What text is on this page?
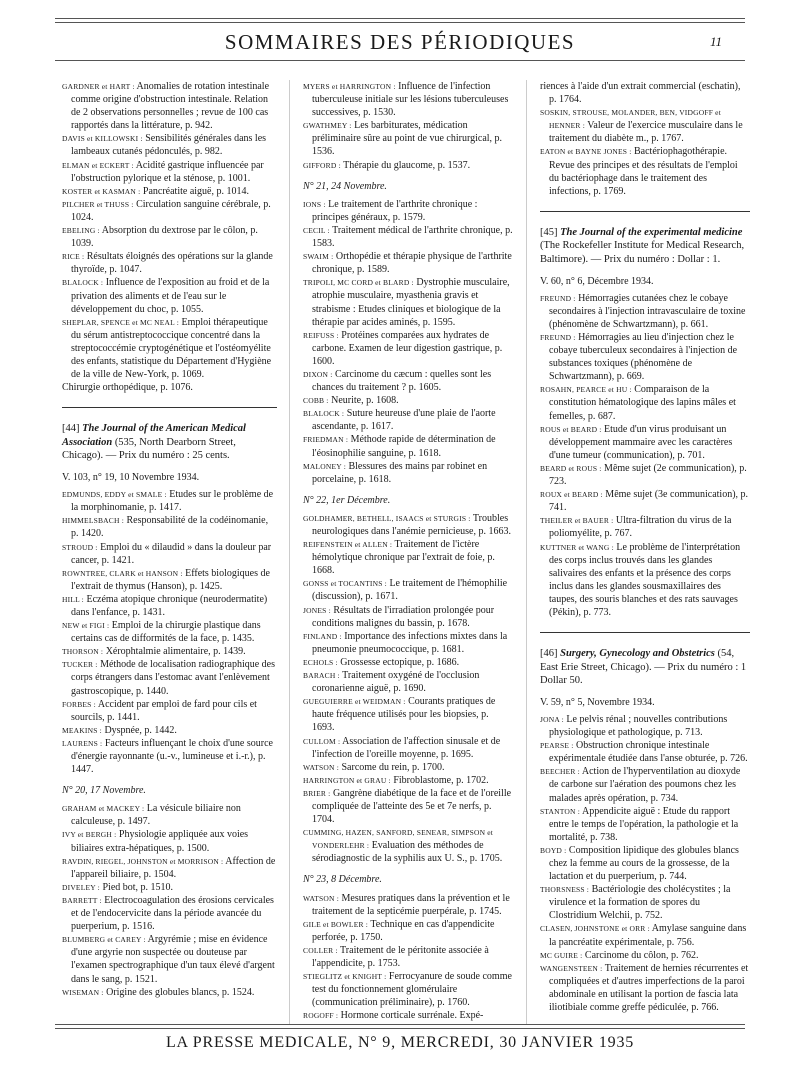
SOMMAIRES DES PÉRIODIQUES	11

GARDNER et HART : Anomalies de rotation intestinale comme origine d'obstruction intestinale. Relation de 2 observations personnelles ; revue de 100 cas rapportés dans la littérature, p. 942.

DAVIS et KILLOWSKI : Sensibilités générales dans les lambeaux cutanés pédonculés, p. 982.

ELMAN et ECKERT : Acidité gastrique influencée par l'obstruction pylorique et la sténose, p. 1001.

KOSTER et KASMAN : Pancréatite aiguë, p. 1014.

PILCHER et THUSS : Circulation sanguine cérébrale, p. 1024.

EBELING : Absorption du dextrose par le côlon, p. 1039.

RICE : Résultats éloignés des opérations sur la glande thyroïde, p. 1047.

BLALOCK : Influence de l'exposition au froid et de la privation des aliments et de l'eau sur le développement du choc, p. 1055.

SHEPLAR, SPENCE et MC NEAL : Emploi thérapeutique du sérum antistreptococcique concentré dans la streptococcémie cryptogénétique et l'ostéomyélite des enfants, statistique du Département d'Hygiène de la ville de New-York, p. 1069.

Chirurgie orthopédique, p. 1076.

[44] The Journal of the American Medical Association (535, North Dearborn Street, Chicago). — Prix du numéro : 25 cents.

V. 103, n° 19, 10 Novembre 1934.

EDMUNDS, EDDY et SMALE : Etudes sur le problème de la morphinomanie, p. 1417.

HIMMELSBACH : Responsabilité de la codéinomanie, p. 1420.

STROUD : Emploi du « dilaudid » dans la douleur par cancer, p. 1421.

ROWNTREE, CLARK et HANSON : Effets biologiques de l'extrait de thymus (Hanson), p. 1425.

HILL : Eczéma atopique chronique (neurodermatite) dans l'enfance, p. 1431.

NEW et FIGI : Emploi de la chirurgie plastique dans certains cas de difformités de la face, p. 1435.

THORSON : Xérophtalmie alimentaire, p. 1439.

TUCKER : Méthode de localisation radiographique des corps étrangers dans l'estomac avant l'enlèvement gastroscopique, p. 1440.

FORBES : Accident par emploi de fard pour cils et sourcils, p. 1441.

MEAKINS : Dyspnée, p. 1442.

LAURENS : Facteurs influençant le choix d'une source d'énergie rayonnante (u.-v., lumineuse et i.-r.), p. 1447.

N° 20, 17 Novembre.

GRAHAM et MACKEY : La vésicule biliaire non calculeuse, p. 1497.

IVY et BERGH : Physiologie appliquée aux voies biliaires extra-hépatiques, p. 1500.

RAVDIN, RIEGEL, JOHNSTON et MORRISON : Affection de l'appareil biliaire, p. 1504.

DIVELEY : Pied bot, p. 1510.

BARRETT : Electrocoagulation des érosions cervicales et de l'endocervicite dans la période avancée du puerperium, p. 1516.

BLUMBERG et CAREY : Argyrémie ; mise en évidence d'une argyrie non suspectée ou douteuse par l'examen spectrographique d'un taux élevé d'argent dans le sang, p. 1521.

WISEMAN : Origine des globules blancs, p. 1524.

MYERS et HARRINGTON : Influence de l'infection tuberculeuse initiale sur les lésions tuberculeuses successives, p. 1530.

GWATHMEY : Les barbiturates, médication préliminaire sûre au point de vue chirurgical, p. 1536.

GIFFORD : Thérapie du glaucome, p. 1537.

N° 21, 24 Novembre.

IONS : Le traitement de l'arthrite chronique : principes généraux, p. 1579.

CECIL : Traitement médical de l'arthrite chronique, p. 1583.

SWAIM : Orthopédie et thérapie physique de l'arthrite chronique, p. 1589.

TRIPOLI, MC CORD et BLARD : Dystrophie musculaire, atrophie musculaire, myasthenia gravis et strabisme : Etudes cliniques et biologique de la thérapie par acides aminés, p. 1595.

REIFUSS : Protéines comparées aux hydrates de carbone. Examen de leur digestion gastrique, p. 1600.

DIXON : Carcinome du cæcum : quelles sont les chances du traitement ? p. 1605.

COBB : Neurite, p. 1608.

BLALOCK : Suture heureuse d'une plaie de l'aorte ascendante, p. 1617.

FRIEDMAN : Méthode rapide de détermination de l'éosinophilie sanguine, p. 1618.

MALONEY : Blessures des mains par robinet en porcelaine, p. 1618.

N° 22, 1er Décembre.

GOLDHAMER, BETHELL, ISAACS et STURGIS : Troubles neurologiques dans l'anémie pernicieuse, p. 1663.

REIFENSTEIN et ALLEN : Traitement de l'ictère hémolytique chronique par l'extrait de foie, p. 1668.

GONSS et TOCANTINS : Le traitement de l'hémophilie (discussion), p. 1671.

JONES : Résultats de l'irradiation prolongée pour conditions malignes du bassin, p. 1678.

FINLAND : Importance des infections mixtes dans la pneumonie pneumococcique, p. 1681.

ECHOLS : Grossesse ectopique, p. 1686.

BARACH : Traitement oxygéné de l'occlusion coronarienne aiguë, p. 1690.

GUEGUIERRE et WEIDMAN : Courants pratiques de haute fréquence utilisés pour les biopsies, p. 1693.

CULLOM : Association de l'affection sinusale et de l'infection de l'oreille moyenne, p. 1695.

WATSON : Sarcome du rein, p. 1700.

HARRINGTON et GRAU : Fibroblastome, p. 1702.

BRIER : Gangrène diabétique de la face et de l'oreille compliquée de l'atteinte des 5e et 7e nerfs, p. 1704.

CUMMING, HAZEN, SANFORD, SENEAR, SIMPSON et VONDERLEHR : Evaluation des méthodes de sérodiagnostic de la syphilis aux U. S., p. 1705.

N° 23, 8 Décembre.

WATSON : Mesures pratiques dans la prévention et le traitement de la septicémie puerpérale, p. 1745.

GILE et BOWLER : Technique en cas d'appendicite perforée, p. 1750.

COLLER : Traitement de le péritonite associée à l'appendicite, p. 1753.

STIEGLITZ et KNIGHT : Ferrocyanure de soude comme test du fonctionnement glomérulaire (communication préliminaire), p. 1760.

ROGOFF : Hormone corticale surrénale. Expé-

riences à l'aide d'un extrait commercial (eschatin), p. 1764.

SOSKIN, STROUSE, MOLANDER, BEN, VIDGOFF et HENNER : Valeur de l'exercice musculaire dans le traitement du diabète m., p. 1767.

EATON et BAYNE JONES : Bactériophagothérapie. Revue des principes et des résultats de l'emploi du bactériophage dans le traitement des infections, p. 1769.

[45] The Journal of the experimental medicine (The Rockefeller Institute for Medical Research, Baltimore). — Prix du numéro : Dollar : 1.

V. 60, n° 6, Décembre 1934.

FREUND : Hémorragies cutanées chez le cobaye secondaires à l'injection intravasculaire de toxine (phénomène de Schwartzmann), p. 661.

FREUND : Hémorragies au lieu d'injection chez le cobaye tuberculeux secondaires à l'injection de substances toxiques (phénomène de Schwartzmann), p. 669.

ROSAHN, PEARCE et HU : Comparaison de la constitution hématologique des lapins mâles et femelles, p. 687.

ROUS et BEARD : Etude d'un virus produisant un développement mammaire avec les caractères d'une tumeur (communication), p. 701.

BEARD et ROUS : Même sujet (2e communication), p. 723.

ROUX et BEARD : Même sujet (3e communication), p. 741.

THEILER et BAUER : Ultra-filtration du virus de la poliomyélite, p. 767.

KUTTNER et WANG : Le problème de l'interprétation des corps inclus trouvés dans les glandes salivaires des enfants et la présence des corps inclus dans les glandes sousmaxillaires des taupes, des souris blanches et des rats sauvages (Pékin), p. 773.

[46] Surgery, Gynecology and Obstetrics (54, East Erie Street, Chicago). — Prix du numéro : 1 Dollar 50.

V. 59, n° 5, Novembre 1934.

JONA : Le pelvis rénal ; nouvelles contributions physiologique et pathologique, p. 713.

PEARSE : Obstruction chronique intestinale expérimentale étudiée dans l'anse obturée, p. 726.

BEECHER : Action de l'hyperventilation au dioxyde de carbone sur l'aération des poumons chez les malades après opération, p. 734.

STANTON : Appendicite aiguë : Etude du rapport entre le temps de l'opération, la pathologie et la mortalité, p. 738.

BOYD : Composition lipidique des globules blancs chez la femme au cours de la grossesse, de la lactation et du puerperium, p. 744.

THORSNESS : Bactériologie des cholécystites ; la virulence et la formation de spores du Clostridium Welchii, p. 752.

CLASEN, JOHNSTONE et ORR : Amylase sanguine dans la pancréatite expérimentale, p. 756.

MC GUIRE : Carcinome du côlon, p. 762.

WANGENSTEEN : Traitement de hernies récurrentes et compliquées et d'autres imperfections de la paroi abdominale en utilisant la portion de fascia lata iliotibiale comme greffe pédiculée, p. 766.

LA PRESSE MEDICALE, N° 9, MERCREDI, 30 JANVIER 1935
